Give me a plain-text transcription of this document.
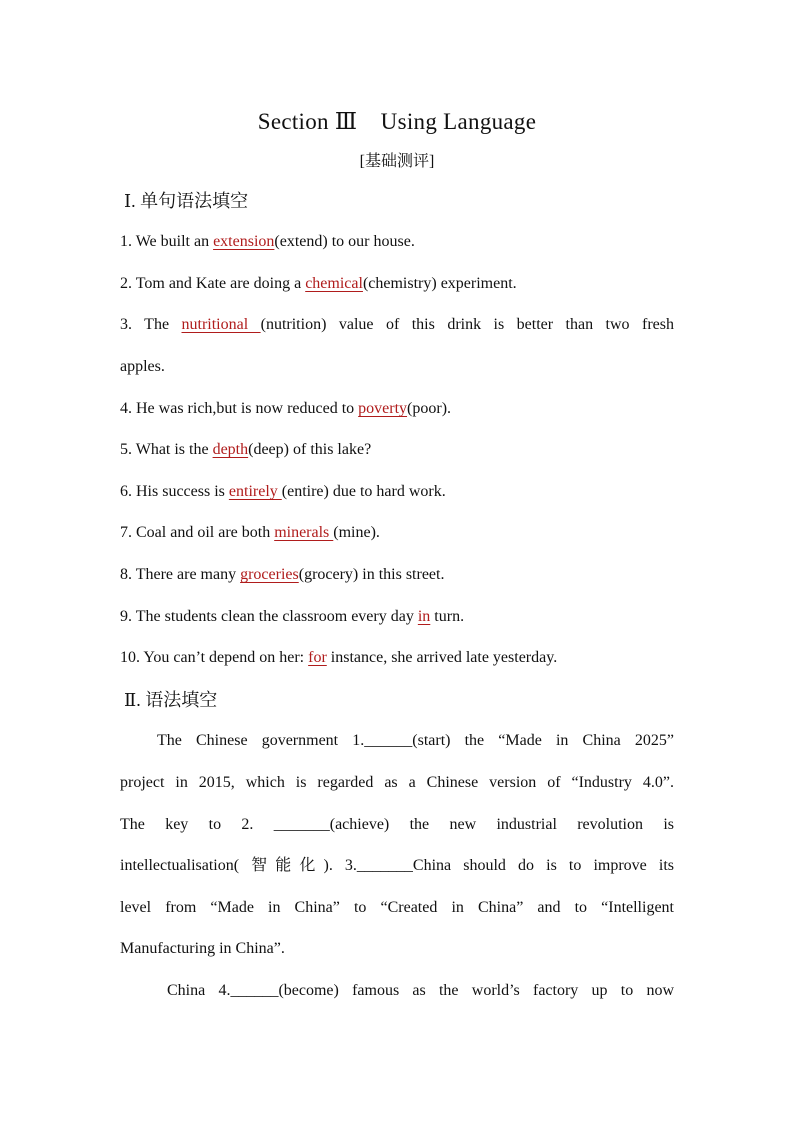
Section Ⅲ　Using Language
[基础测评]
Ⅰ. 单句语法填空
1. We built an extension(extend) to our house.
2. Tom and Kate are doing a chemical(chemistry) experiment.
3. The nutritional (nutrition) value of this drink is better than two fresh
apples.
4. He was rich,but is now reduced to poverty(poor).
5. What is the depth(deep) of this lake?
6. His success is entirely (entire) due to hard work.
7. Coal and oil are both minerals (mine).
8. There are many groceries(grocery) in this street.
9. The students clean the classroom every day in turn.
10. You can’t depend on her: for instance, she arrived late yesterday.
Ⅱ. 语法填空
The Chinese government 1.______(start) the “Made in China 2025”
project in 2015, which is regarded as a Chinese version of “Industry 4.0”.
The key to 2. _______(achieve) the new industrial revolution is
intellectualisation( 智能化). 3._______China should do is to improve its
level from “Made in China” to “Created in China” and to “Intelligent
Manufacturing in China”.
China 4.______(become) famous as the world’s factory up to now
